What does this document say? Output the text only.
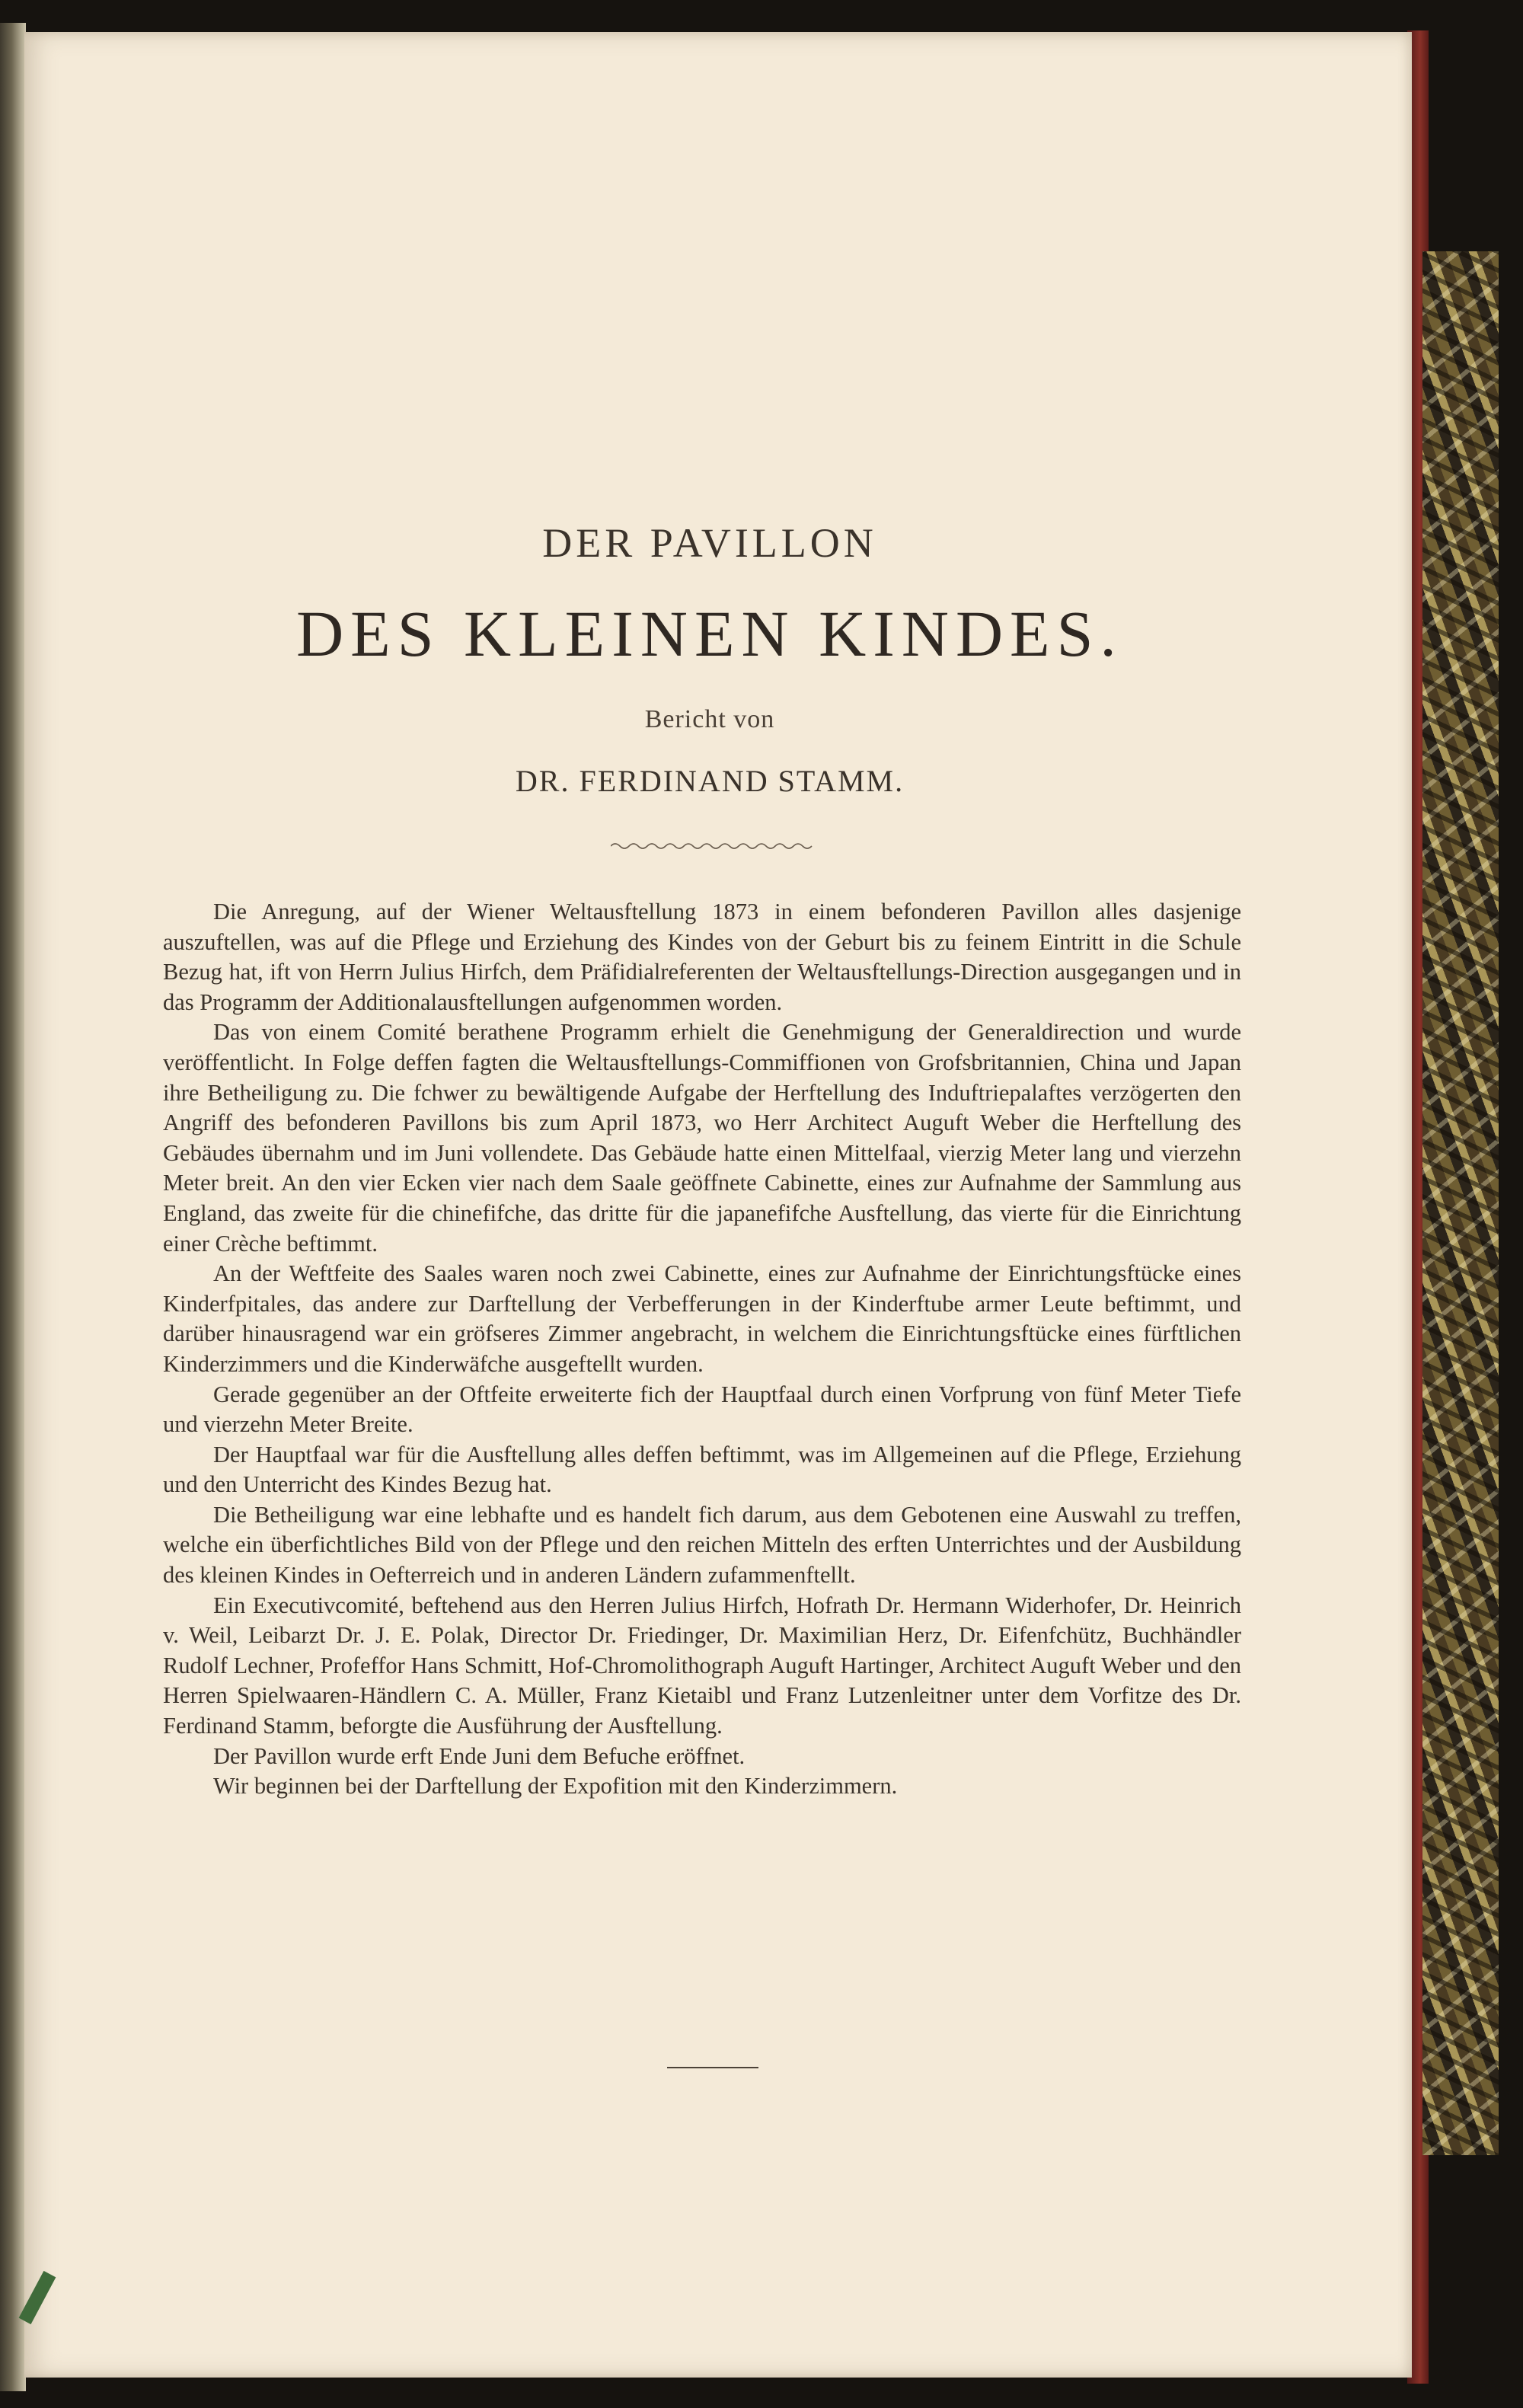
DER PAVILLON
DES KLEINEN KINDES.

Bericht von

DR. FERDINAND STAMM.

Die Anregung, auf der Wiener Weltausftellung 1873 in einem befonderen Pavillon alles dasjenige auszuftellen, was auf die Pflege und Erziehung des Kindes von der Geburt bis zu feinem Eintritt in die Schule Bezug hat, ift von Herrn Julius Hirfch, dem Präfidialreferenten der Weltausftellungs-Direction ausgegangen und in das Programm der Additionalausftellungen aufgenommen worden.

Das von einem Comité berathene Programm erhielt die Genehmigung der Generaldirection und wurde veröffentlicht. In Folge deffen fagten die Weltausftellungs-Commiffionen von Grofsbritannien, China und Japan ihre Betheiligung zu. Die fchwer zu bewältigende Aufgabe der Herftellung des Induftriepalaftes verzögerten den Angriff des befonderen Pavillons bis zum April 1873, wo Herr Architect Auguft Weber die Herftellung des Gebäudes übernahm und im Juni vollendete. Das Gebäude hatte einen Mittelfaal, vierzig Meter lang und vierzehn Meter breit. An den vier Ecken vier nach dem Saale geöffnete Cabinette, eines zur Aufnahme der Sammlung aus England, das zweite für die chinefifche, das dritte für die japanefifche Ausftellung, das vierte für die Einrichtung einer Crèche beftimmt.

An der Weftfeite des Saales waren noch zwei Cabinette, eines zur Aufnahme der Einrichtungsftücke eines Kinderfpitales, das andere zur Darftellung der Verbefferungen in der Kinderftube armer Leute beftimmt, und darüber hinausragend war ein gröfseres Zimmer angebracht, in welchem die Einrichtungsftücke eines fürftlichen Kinderzimmers und die Kinderwäfche ausgeftellt wurden.

Gerade gegenüber an der Oftfeite erweiterte fich der Hauptfaal durch einen Vorfprung von fünf Meter Tiefe und vierzehn Meter Breite.

Der Hauptfaal war für die Ausftellung alles deffen beftimmt, was im Allgemeinen auf die Pflege, Erziehung und den Unterricht des Kindes Bezug hat.

Die Betheiligung war eine lebhafte und es handelt fich darum, aus dem Gebotenen eine Auswahl zu treffen, welche ein überfichtliches Bild von der Pflege und den reichen Mitteln des erften Unterrichtes und der Ausbildung des kleinen Kindes in Oefterreich und in anderen Ländern zufammenftellt.

Ein Executivcomité, beftehend aus den Herren Julius Hirfch, Hofrath Dr. Hermann Widerhofer, Dr. Heinrich v. Weil, Leibarzt Dr. J. E. Polak, Director Dr. Friedinger, Dr. Maximilian Herz, Dr. Eifenfchütz, Buchhändler Rudolf Lechner, Profeffor Hans Schmitt, Hof-Chromolithograph Auguft Hartinger, Architect Auguft Weber und den Herren Spielwaaren-Händlern C. A. Müller, Franz Kietaibl und Franz Lutzenleitner unter dem Vorfitze des Dr. Ferdinand Stamm, beforgte die Ausführung der Ausftellung.

Der Pavillon wurde erft Ende Juni dem Befuche eröffnet.

Wir beginnen bei der Darftellung der Expofition mit den Kinderzimmern.
